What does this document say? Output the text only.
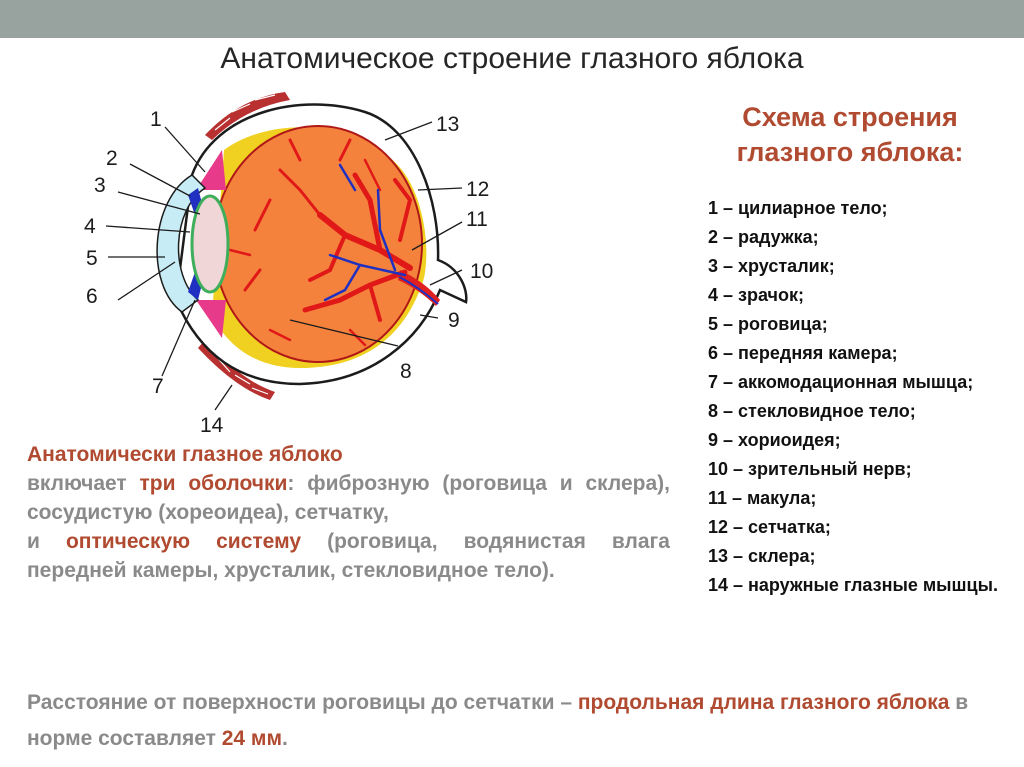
Анатомическое строение глазного яблока
1
2
3
4
5
6
7
8
9
10
11
12
13
14
Схема строения глазного яблока:
1 – цилиарное тело;
2 – радужка;
3 – хрусталик;
4 – зрачок;
5 – роговица;
6 – передняя камера;
7 – аккомодационная мышца;
8 – стекловидное тело;
9 – хориоидея;
10 – зрительный нерв;
11 – макула;
12 – сетчатка;
13 – склера;
14 – наружные глазные мышцы.
Анатомически глазное яблоко

включает три оболочки: фиброзную (роговица и склера), сосудистую (хореоидеа), сетчатку,

и оптическую систему (роговица, водянистая влага передней камеры, хрусталик, стекловидное тело).

Расстояние от поверхности роговицы до сетчатки – продольная длина глазного яблока в норме составляет 24 мм.
